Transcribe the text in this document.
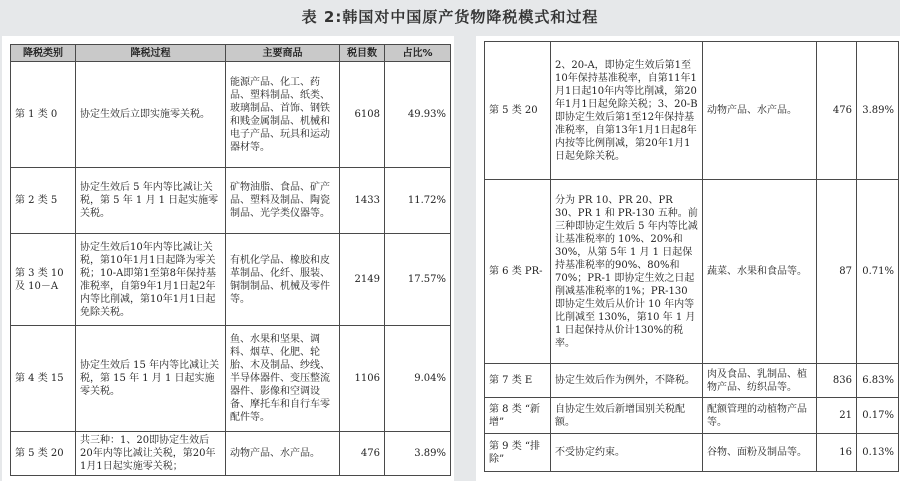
表 2:韩国对中国原产货物降税模式和过程
降税类别	降税过程	主要商品	税目数	占比%
第 1 类 0	协定生效后立即实施零关税。	能源产品、化工、药品、塑料制品、纸类、玻璃制品、首饰、钢铁和贱金属制品、机械和电子产品、玩具和运动器材等。	6108	49.93%
第 2 类 5	协定生效后 5 年内等比减让关税，第 5 年 1 月 1 日起实施零关税。	矿物油脂、食品、矿产品、塑料及制品、陶瓷制品、光学类仪器等。	1433	11.72%
第 3 类 10及 10－A	协定生效后10年内等比减让关税，第10年1月1日起降为零关税；10-A即第1至第8年保持基准税率，自第9年1月1日起2年内等比削减，第10年1月1日起免除关税。	有机化学品、橡胶和皮革制品、化纤、服装、铜制制品、机械及零件等。	2149	17.57%
第 4 类 15	协定生效后 15 年内等比减让关税，第 15 年 1 月 1 日起实施零关税。	鱼、水果和坚果、调料、烟草、化肥、轮胎、木及制品、纱线、半导体器件、变压整流器件、影像和空调设备、摩托车和自行车零配件等。	1106	9.04%
第 5 类 20	共三种：1、20即协定生效后20年内等比减让关税，第20年1月1日起实施零关税；	动物产品、水产品。	476	3.89%
第 5 类 20	2、20-A，即协定生效后第1至10年保持基准税率，自第11年1月1日起10年内等比削减，第20年1月1日起免除关税；3、20-B即协定生效后第1至12年保持基准税率，自第13年1月1日起8年内按等比例削减，第20年1月1日起免除关税。	动物产品、水产品。	476	3.89%
第 6 类 PR-	分为 PR 10、PR 20、PR 30、PR 1 和 PR-130 五种。前三种即协定生效后 5 年内等比减让基准税率的 10%、20%和 30%，从第 5年 1 月 1 日起保持基准税率的90%、80%和 70%；PR-1 即协定生效之日起削减基准税率的1%；PR-130 即协定生效后从价计 10 年内等比削减至 130%，第10 年 1 月 1 日起保持从价计130%的税率。	蔬菜、水果和食品等。	87	0.71%
第 7 类 E	协定生效后作为例外，不降税。	肉及食品、乳制品、植物产品、纺织品等。	836	6.83%
第 8 类 “新增”	自协定生效后新增国别关税配额。	配额管理的动植物产品等。	21	0.17%
第 9 类 “排除”	不受协定约束。	谷物、面粉及制品等。	16	0.13%
